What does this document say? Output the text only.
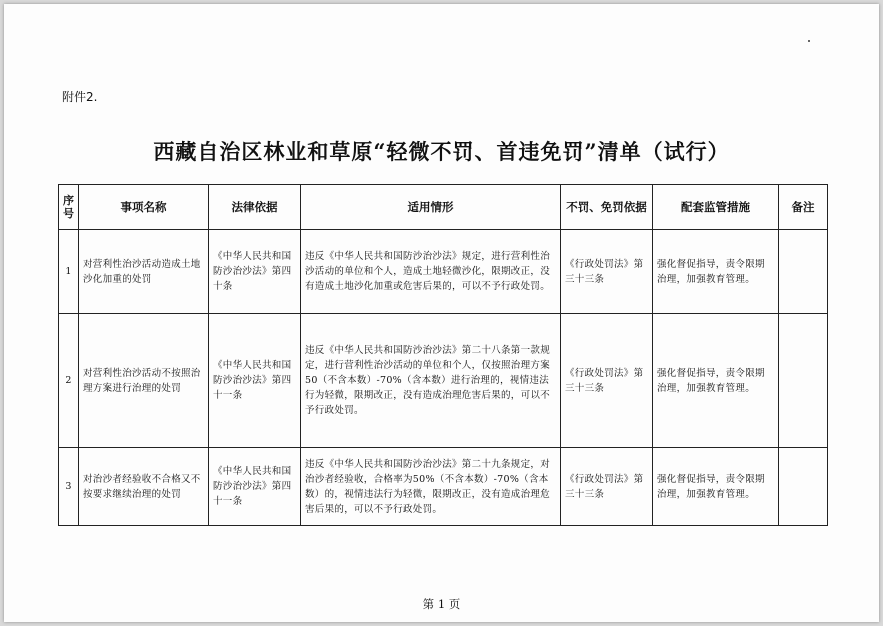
附件2.
西藏自治区林业和草原“轻微不罚、首违免罚”清单（试行）
序号	事项名称	法律依据	适用情形	不罚、免罚依据	配套监管措施	备注
1	对营利性治沙活动造成土地沙化加重的处罚	《中华人民共和国防沙治沙法》第四十条	违反《中华人民共和国防沙治沙法》规定，进行营利性治沙活动的单位和个人，造成土地轻微沙化，限期改正，没有造成土地沙化加重或危害后果的，可以不予行政处罚。	《行政处罚法》第三十三条	强化督促指导，责令限期治理，加强教育管理。	
2	对营利性治沙活动不按照治理方案进行治理的处罚	《中华人民共和国防沙治沙法》第四十一条	违反《中华人民共和国防沙治沙法》第二十八条第一款规定，进行营利性治沙活动的单位和个人，仅按照治理方案50（不含本数）-70%（含本数）进行治理的，视情违法行为轻微，限期改正，没有造成治理危害后果的，可以不予行政处罚。	《行政处罚法》第三十三条	强化督促指导，责令限期治理，加强教育管理。	
3	对治沙者经验收不合格又不按要求继续治理的处罚	《中华人民共和国防沙治沙法》第四十一条	违反《中华人民共和国防沙治沙法》第二十九条规定，对治沙者经验收，合格率为50%（不含本数）-70%（含本数）的，视情违法行为轻微，限期改正，没有造成治理危害后果的，可以不予行政处罚。	《行政处罚法》第三十三条	强化督促指导，责令限期治理，加强教育管理。	
第 1 页
